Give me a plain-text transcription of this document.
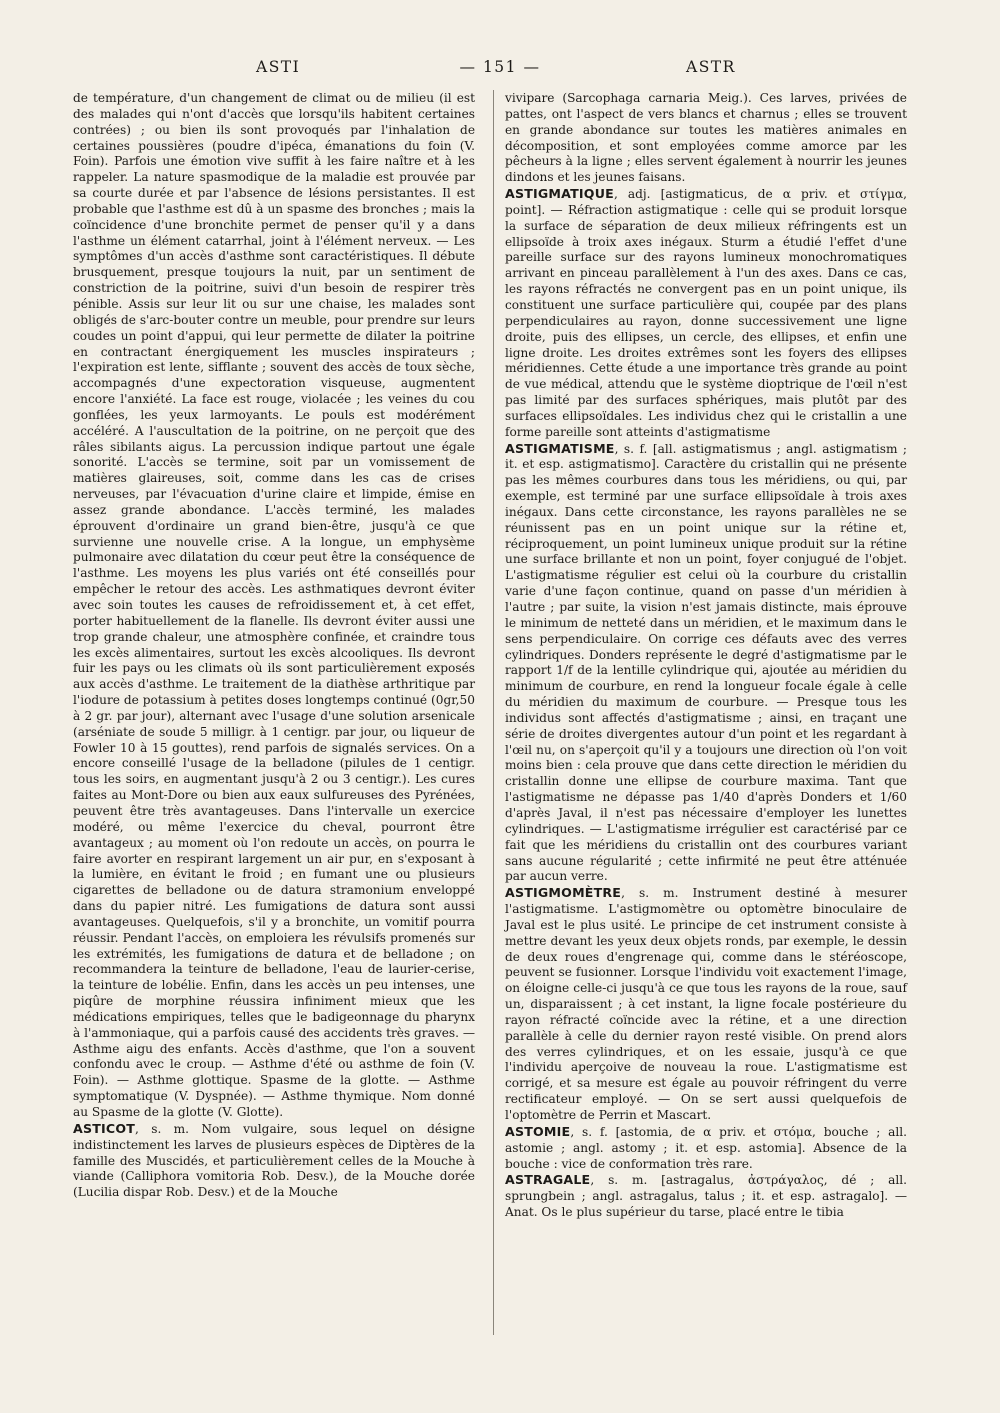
ASTI	— 151 —	ASTR

de température, d'un changement de climat ou de milieu (il est des malades qui n'ont d'accès que lorsqu'ils habitent certaines contrées) ; ou bien ils sont provoqués par l'inhalation de certaines poussières (poudre d'ipéca, émanations du foin (V. Foin). Parfois une émotion vive suffit à les faire naître et à les rappeler. La nature spasmodique de la maladie est prouvée par sa courte durée et par l'absence de lésions persistantes. Il est probable que l'asthme est dû à un spasme des bronches ; mais la coïncidence d'une bronchite permet de penser qu'il y a dans l'asthme un élément catarrhal, joint à l'élément nerveux. — Les symptômes d'un accès d'asthme sont caractéristiques. Il débute brusquement, presque toujours la nuit, par un sentiment de constriction de la poitrine, suivi d'un besoin de respirer très pénible. Assis sur leur lit ou sur une chaise, les malades sont obligés de s'arc-bouter contre un meuble, pour prendre sur leurs coudes un point d'appui, qui leur permette de dilater la poitrine en contractant énergiquement les muscles inspirateurs ; l'expiration est lente, sifflante ; souvent des accès de toux sèche, accompagnés d'une expectoration visqueuse, augmentent encore l'anxiété. La face est rouge, violacée ; les veines du cou gonflées, les yeux larmoyants. Le pouls est modérément accéléré. A l'auscultation de la poitrine, on ne perçoit que des râles sibilants aigus. La percussion indique partout une égale sonorité. L'accès se termine, soit par un vomissement de matières glaireuses, soit, comme dans les cas de crises nerveuses, par l'évacuation d'urine claire et limpide, émise en assez grande abondance. L'accès terminé, les malades éprouvent d'ordinaire un grand bien-être, jusqu'à ce que survienne une nouvelle crise. A la longue, un emphysème pulmonaire avec dilatation du cœur peut être la conséquence de l'asthme. Les moyens les plus variés ont été conseillés pour empêcher le retour des accès. Les asthmatiques devront éviter avec soin toutes les causes de refroidissement et, à cet effet, porter habituellement de la flanelle. Ils devront éviter aussi une trop grande chaleur, une atmosphère confinée, et craindre tous les excès alimentaires, surtout les excès alcooliques. Ils devront fuir les pays ou les climats où ils sont particulièrement exposés aux accès d'asthme. Le traitement de la diathèse arthritique par l'iodure de potassium à petites doses longtemps continué (0gr,50 à 2 gr. par jour), alternant avec l'usage d'une solution arsenicale (arséniate de soude 5 milligr. à 1 centigr. par jour, ou liqueur de Fowler 10 à 15 gouttes), rend parfois de signalés services. On a encore conseillé l'usage de la belladone (pilules de 1 centigr. tous les soirs, en augmentant jusqu'à 2 ou 3 centigr.). Les cures faites au Mont-Dore ou bien aux eaux sulfureuses des Pyrénées, peuvent être très avantageuses. Dans l'intervalle un exercice modéré, ou même l'exercice du cheval, pourront être avantageux ; au moment où l'on redoute un accès, on pourra le faire avorter en respirant largement un air pur, en s'exposant à la lumière, en évitant le froid ; en fumant une ou plusieurs cigarettes de belladone ou de datura stramonium enveloppé dans du papier nitré. Les fumigations de datura sont aussi avantageuses. Quelquefois, s'il y a bronchite, un vomitif pourra réussir. Pendant l'accès, on emploiera les révulsifs promenés sur les extrémités, les fumigations de datura et de belladone ; on recommandera la teinture de belladone, l'eau de laurier-cerise, la teinture de lobélie. Enfin, dans les accès un peu intenses, une piqûre de morphine réussira infiniment mieux que les médications empiriques, telles que le badigeonnage du pharynx à l'ammoniaque, qui a parfois causé des accidents très graves. — Asthme aigu des enfants. Accès d'asthme, que l'on a souvent confondu avec le croup. — Asthme d'été ou asthme de foin (V. Foin). — Asthme glottique. Spasme de la glotte. — Asthme symptomatique (V. Dyspnée). — Asthme thymique. Nom donné au Spasme de la glotte (V. Glotte).

ASTICOT, s. m. Nom vulgaire, sous lequel on désigne indistinctement les larves de plusieurs espèces de Diptères de la famille des Muscidés, et particulièrement celles de la Mouche à viande (Calliphora vomitoria Rob. Desv.), de la Mouche dorée (Lucilia dispar Rob. Desv.) et de la Mouche

vivipare (Sarcophaga carnaria Meig.). Ces larves, privées de pattes, ont l'aspect de vers blancs et charnus ; elles se trouvent en grande abondance sur toutes les matières animales en décomposition, et sont employées comme amorce par les pêcheurs à la ligne ; elles servent également à nourrir les jeunes dindons et les jeunes faisans.

ASTIGMATIQUE, adj. [astigmaticus, de α priv. et στίγμα, point]. — Réfraction astigmatique : celle qui se produit lorsque la surface de séparation de deux milieux réfringents est un ellipsoïde à troix axes inégaux. Sturm a étudié l'effet d'une pareille surface sur des rayons lumineux monochromatiques arrivant en pinceau parallèlement à l'un des axes. Dans ce cas, les rayons réfractés ne convergent pas en un point unique, ils constituent une surface particulière qui, coupée par des plans perpendiculaires au rayon, donne successivement une ligne droite, puis des ellipses, un cercle, des ellipses, et enfin une ligne droite. Les droites extrêmes sont les foyers des ellipses méridiennes. Cette étude a une importance très grande au point de vue médical, attendu que le système dioptrique de l'œil n'est pas limité par des surfaces sphériques, mais plutôt par des surfaces ellipsoïdales. Les individus chez qui le cristallin a une forme pareille sont atteints d'astigmatisme

ASTIGMATISME, s. f. [all. astigmatismus ; angl. astigmatism ; it. et esp. astigmatismo]. Caractère du cristallin qui ne présente pas les mêmes courbures dans tous les méridiens, ou qui, par exemple, est terminé par une surface ellipsoïdale à trois axes inégaux. Dans cette circonstance, les rayons parallèles ne se réunissent pas en un point unique sur la rétine et, réciproquement, un point lumineux unique produit sur la rétine une surface brillante et non un point, foyer conjugué de l'objet. L'astigmatisme régulier est celui où la courbure du cristallin varie d'une façon continue, quand on passe d'un méridien à l'autre ; par suite, la vision n'est jamais distincte, mais éprouve le minimum de netteté dans un méridien, et le maximum dans le sens perpendiculaire. On corrige ces défauts avec des verres cylindriques. Donders représente le degré d'astigmatisme par le rapport 1/f de la lentille cylindrique qui, ajoutée au méridien du minimum de courbure, en rend la longueur focale égale à celle du méridien du maximum de courbure. — Presque tous les individus sont affectés d'astigmatisme ; ainsi, en traçant une série de droites divergentes autour d'un point et les regardant à l'œil nu, on s'aperçoit qu'il y a toujours une direction où l'on voit moins bien : cela prouve que dans cette direction le méridien du cristallin donne une ellipse de courbure maxima. Tant que l'astigmatisme ne dépasse pas 1/40 d'après Donders et 1/60 d'après Javal, il n'est pas nécessaire d'employer les lunettes cylindriques. — L'astigmatisme irrégulier est caractérisé par ce fait que les méridiens du cristallin ont des courbures variant sans aucune régularité ; cette infirmité ne peut être atténuée par aucun verre.

ASTIGMOMÈTRE, s. m. Instrument destiné à mesurer l'astigmatisme. L'astigmomètre ou optomètre binoculaire de Javal est le plus usité. Le principe de cet instrument consiste à mettre devant les yeux deux objets ronds, par exemple, le dessin de deux roues d'engrenage qui, comme dans le stéréoscope, peuvent se fusionner. Lorsque l'individu voit exactement l'image, on éloigne celle-ci jusqu'à ce que tous les rayons de la roue, sauf un, disparaissent ; à cet instant, la ligne focale postérieure du rayon réfracté coïncide avec la rétine, et a une direction parallèle à celle du dernier rayon resté visible. On prend alors des verres cylindriques, et on les essaie, jusqu'à ce que l'individu aperçoive de nouveau la roue. L'astigmatisme est corrigé, et sa mesure est égale au pouvoir réfringent du verre rectificateur employé. — On se sert aussi quelquefois de l'optomètre de Perrin et Mascart.

ASTOMIE, s. f. [astomia, de α priv. et στόμα, bouche ; all. astomie ; angl. astomy ; it. et esp. astomia]. Absence de la bouche : vice de conformation très rare.

ASTRAGALE, s. m. [astragalus, ἀστράγαλος, dé ; all. sprungbein ; angl. astragalus, talus ; it. et esp. astragalo]. — Anat. Os le plus supérieur du tarse, placé entre le tibia
